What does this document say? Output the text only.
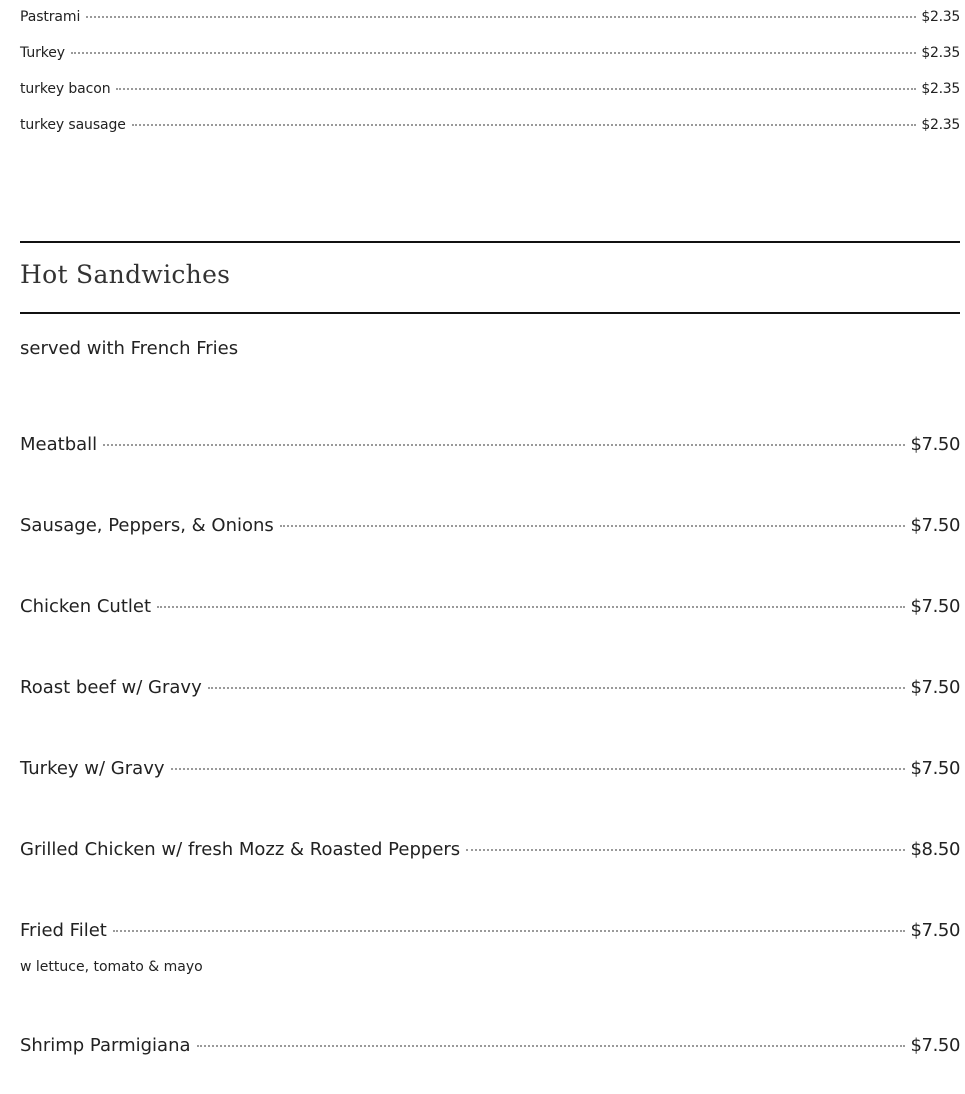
Pastrami	$2.35
Turkey	$2.35
turkey bacon	$2.35
turkey sausage	$2.35
Hot Sandwiches
served with French Fries
Meatball	$7.50
Sausage, Peppers, & Onions	$7.50
Chicken Cutlet	$7.50
Roast beef w/ Gravy	$7.50
Turkey w/ Gravy	$7.50
Grilled Chicken w/ fresh Mozz & Roasted Peppers	$8.50
Fried Filet	$7.50
w lettuce, tomato & mayo
Shrimp Parmigiana	$7.50
